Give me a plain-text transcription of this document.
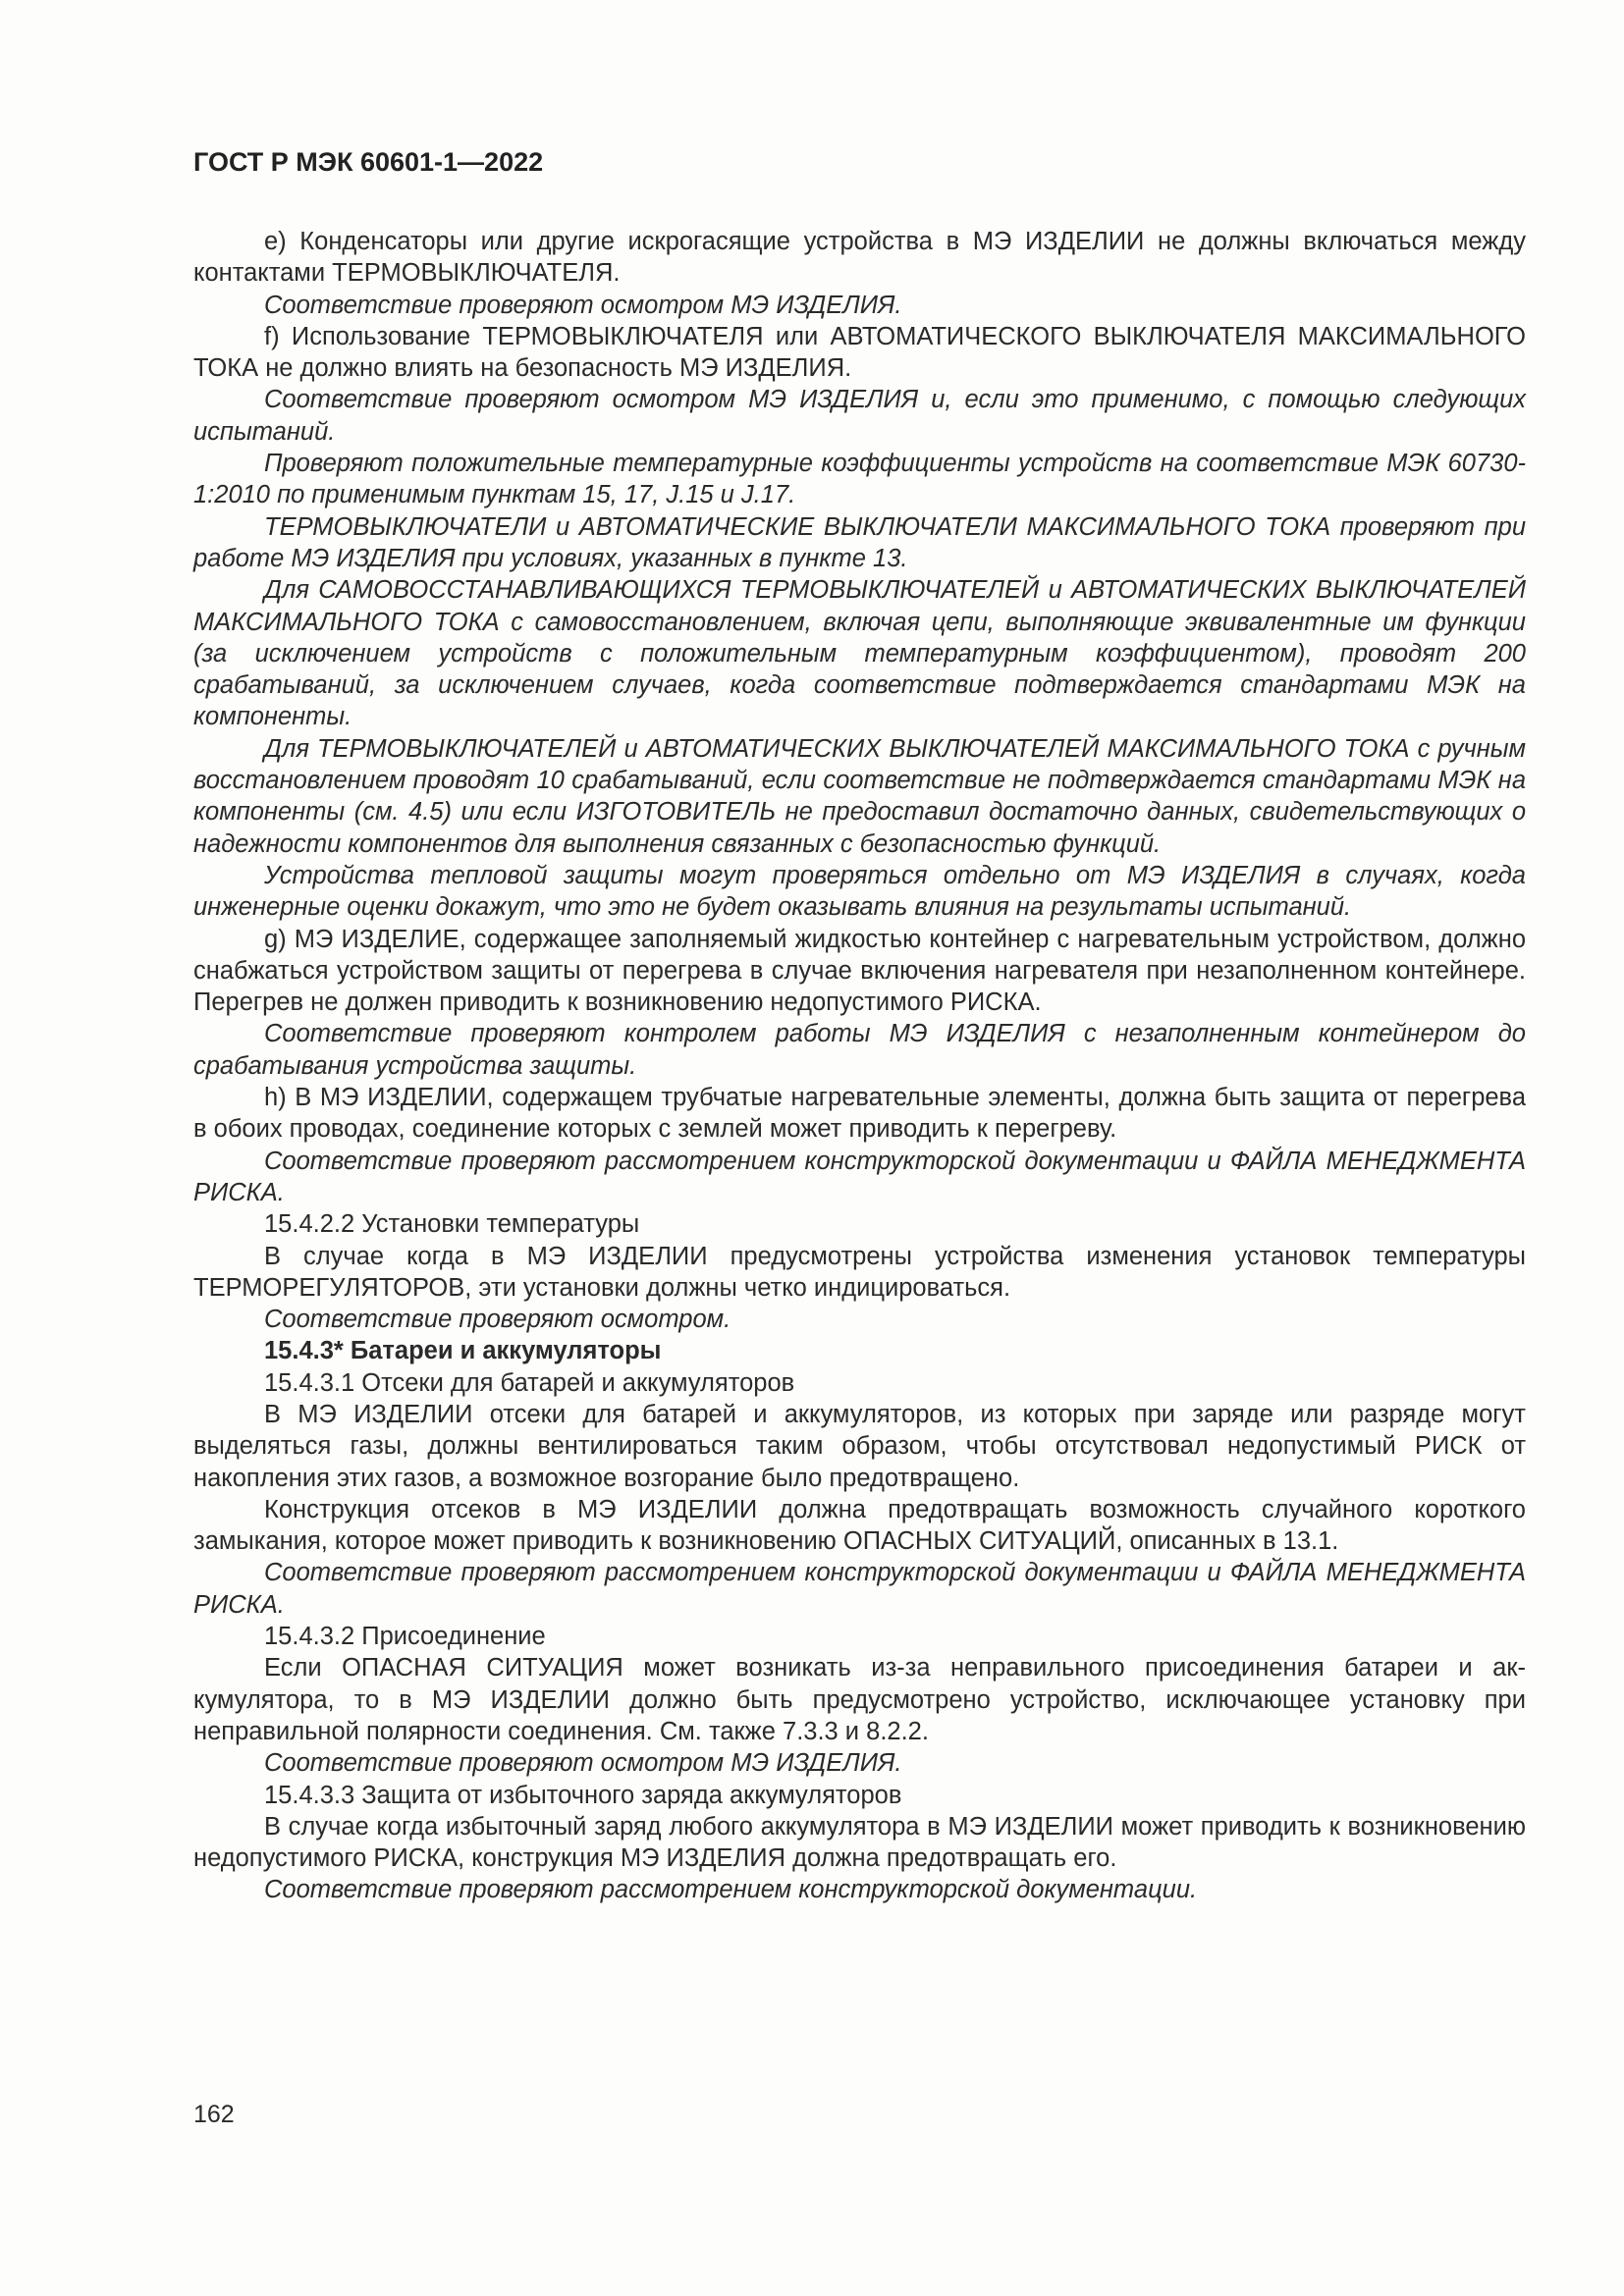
ГОСТ Р МЭК 60601-1—2022

e) Конденсаторы или другие искрогасящие устройства в МЭ ИЗДЕЛИИ не должны включаться между контактами ТЕРМОВЫКЛЮЧАТЕЛЯ.

Соответствие проверяют осмотром МЭ ИЗДЕЛИЯ.

f) Использование ТЕРМОВЫКЛЮЧАТЕЛЯ или АВТОМАТИЧЕСКОГО ВЫКЛЮЧАТЕЛЯ МАКСИМАЛЬНОГО ТОКА не должно влиять на безопасность МЭ ИЗДЕЛИЯ.

Соответствие проверяют осмотром МЭ ИЗДЕЛИЯ и, если это применимо, с помощью следующих испытаний.

Проверяют положительные температурные коэффициенты устройств на соответствие МЭК 60730-1:2010 по применимым пунктам 15, 17, J.15 и J.17.

ТЕРМОВЫКЛЮЧАТЕЛИ и АВТОМАТИЧЕСКИЕ ВЫКЛЮЧАТЕЛИ МАКСИМАЛЬНОГО ТОКА проверяют при работе МЭ ИЗДЕЛИЯ при условиях, указанных в пункте 13.

Для САМОВОССТАНАВЛИВАЮЩИХСЯ ТЕРМОВЫКЛЮЧАТЕЛЕЙ и АВТОМАТИЧЕСКИХ ВЫКЛЮЧАТЕЛЕЙ МАКСИМАЛЬНОГО ТОКА с самовосстановлением, включая цепи, выполняющие эквивалентные им функции (за исключением устройств с положительным температурным коэффициентом), проводят 200 срабатываний, за исключением случаев, когда соответствие подтверждается стандартами МЭК на компоненты.

Для ТЕРМОВЫКЛЮЧАТЕЛЕЙ и АВТОМАТИЧЕСКИХ ВЫКЛЮЧАТЕЛЕЙ МАКСИМАЛЬНОГО ТОКА с ручным восстановлением проводят 10 срабатываний, если соответствие не подтверждается стандартами МЭК на компоненты (см. 4.5) или если ИЗГОТОВИТЕЛЬ не предоставил достаточно данных, свидетельствующих о надежности компонентов для выполнения связанных с безопасностью функций.

Устройства тепловой защиты могут проверяться отдельно от МЭ ИЗДЕЛИЯ в случаях, когда инженерные оценки докажут, что это не будет оказывать влияния на результаты испытаний.

g) МЭ ИЗДЕЛИЕ, содержащее заполняемый жидкостью контейнер с нагревательным устройством, должно снабжаться устройством защиты от перегрева в случае включения нагревателя при незаполненном контейнере. Перегрев не должен приводить к возникновению недопустимого РИСКА.

Соответствие проверяют контролем работы МЭ ИЗДЕЛИЯ с незаполненным контейнером до срабатывания устройства защиты.

h) В МЭ ИЗДЕЛИИ, содержащем трубчатые нагревательные элементы, должна быть защита от перегрева в обоих проводах, соединение которых с землей может приводить к перегреву.

Соответствие проверяют рассмотрением конструкторской документации и ФАЙЛА МЕНЕДЖМЕНТА РИСКА.

15.4.2.2 Установки температуры

В случае когда в МЭ ИЗДЕЛИИ предусмотрены устройства изменения установок температуры ТЕРМОРЕГУЛЯТОРОВ, эти установки должны четко индицироваться.

Соответствие проверяют осмотром.

15.4.3* Батареи и аккумуляторы

15.4.3.1 Отсеки для батарей и аккумуляторов

В МЭ ИЗДЕЛИИ отсеки для батарей и аккумуляторов, из которых при заряде или разряде могут выделяться газы, должны вентилироваться таким образом, чтобы отсутствовал недопустимый РИСК от накопления этих газов, а возможное возгорание было предотвращено.

Конструкция отсеков в МЭ ИЗДЕЛИИ должна предотвращать возможность случайного короткого замыкания, которое может приводить к возникновению ОПАСНЫХ СИТУАЦИЙ, описанных в 13.1.

Соответствие проверяют рассмотрением конструкторской документации и ФАЙЛА МЕНЕДЖМЕНТА РИСКА.

15.4.3.2 Присоединение

Если ОПАСНАЯ СИТУАЦИЯ может возникать из-за неправильного присоединения батареи и аккумулятора, то в МЭ ИЗДЕЛИИ должно быть предусмотрено устройство, исключающее установку при неправильной полярности соединения. См. также 7.3.3 и 8.2.2.

Соответствие проверяют осмотром МЭ ИЗДЕЛИЯ.

15.4.3.3 Защита от избыточного заряда аккумуляторов

В случае когда избыточный заряд любого аккумулятора в МЭ ИЗДЕЛИИ может приводить к возникновению недопустимого РИСКА, конструкция МЭ ИЗДЕЛИЯ должна предотвращать его.

Соответствие проверяют рассмотрением конструкторской документации.

162
